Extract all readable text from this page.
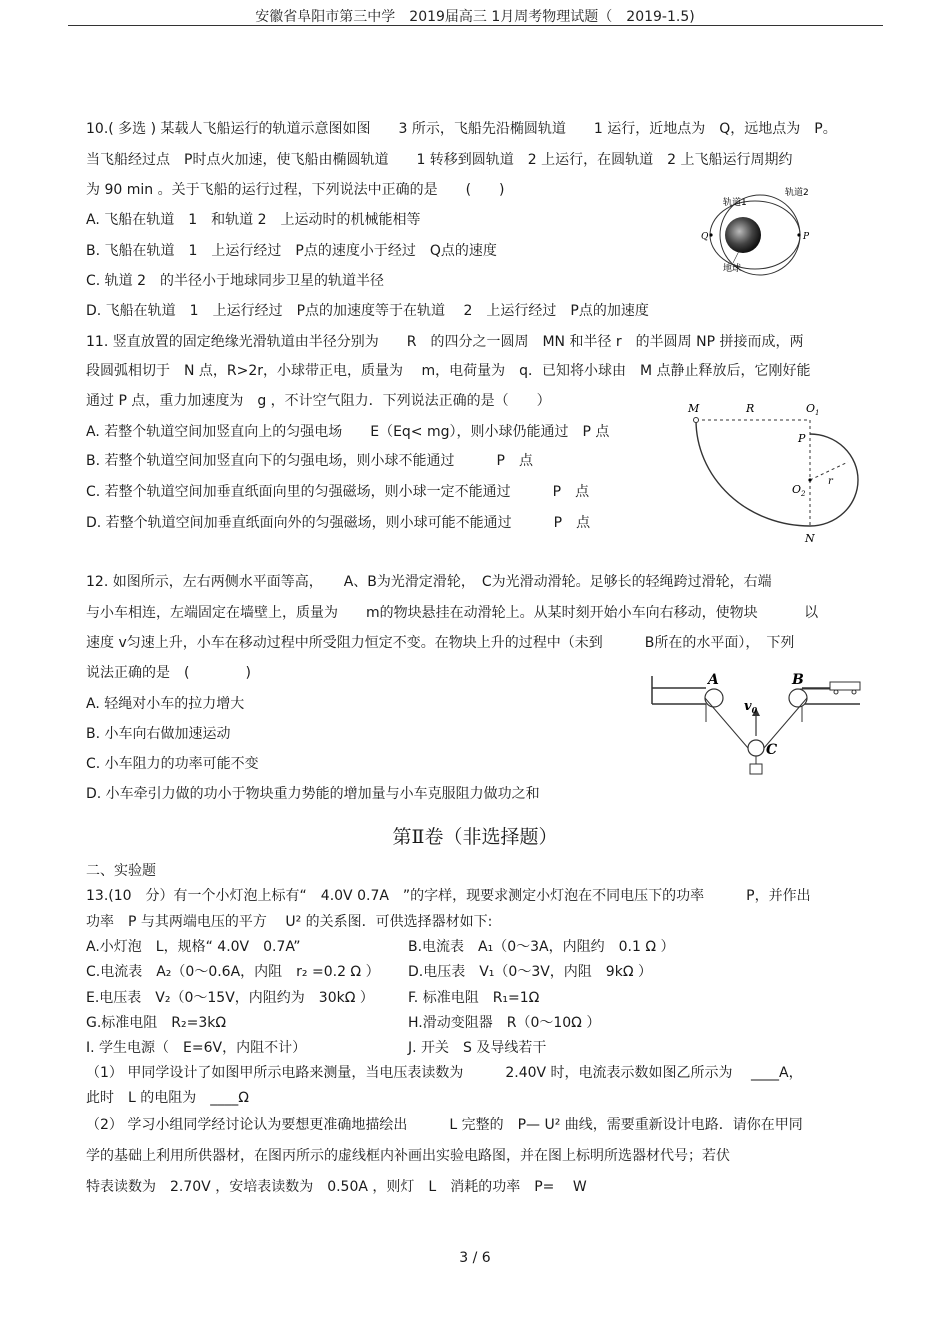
安徽省阜阳市第三中学　2019届高三 1月周考物理试题（　2019-1.5)
10.( 多选 ) 某载人飞船运行的轨道示意图如图　　3 所示，飞船先沿椭圆轨道　　1 运行，近地点为　Q，远地点为　P。
当飞船经过点　P时点火加速，使飞船由椭圆轨道　　1 转移到圆轨道　2 上运行，在圆轨道　2 上飞船运行周期约
为 90 min 。关于飞船的运行过程，下列说法中正确的是　　(　　)
A. 飞船在轨道　1　和轨道 2　上运动时的机械能相等
B. 飞船在轨道　1　上运行经过　P点的速度小于经过　Q点的速度
C. 轨道 2　的半径小于地球同步卫星的轨道半径
D. 飞船在轨道　1　上运行经过　P点的加速度等于在轨道　 2　上运行经过　P点的加速度
轨道1
轨道2
地球
Q	P
11. 竖直放置的固定绝缘光滑轨道由半径分别为　　R　的四分之一圆周　MN 和半径 r　的半圆周 NP 拼接而成，两
段圆弧相切于　N 点，R>2r，小球带正电，质量为　 m，电荷量为　q．已知将小球由　M 点静止释放后，它刚好能
通过 P 点，重力加速度为　g ，不计空气阻力．下列说法正确的是（　　）
A. 若整个轨道空间加竖直向上的匀强电场　　E（Eq< mg），则小球仍能通过　P 点
B. 若整个轨道空间加竖直向下的匀强电场，则小球不能通过　　　P　点
C. 若整个轨道空间加垂直纸面向里的匀强磁场，则小球一定不能通过　　　P　点
D. 若整个轨道空间加垂直纸面向外的匀强磁场，则小球可能不能通过　　　P　点
M	R	$O_1$
P
$O_2$
r
N
12. 如图所示，左右两侧水平面等高，　　A、B为光滑定滑轮，　C为光滑动滑轮。足够长的轻绳跨过滑轮，右端
与小车相连，左端固定在墙壁上，质量为　　m的物块悬挂在动滑轮上。从某时刻开始小车向右移动，使物块　　　 以
速度 v匀速上升，小车在移动过程中所受阻力恒定不变。在物块上升的过程中（未到　　　B所在的水平面），　下列
说法正确的是　(　　　　)
A. 轻绳对小车的拉力增大
B. 小车向右做加速运动
C. 小车阻力的功率可能不变
D. 小车牵引力做的功小于物块重力势能的增加量与小车克服阻力做功之和
A	B
C
$v_0$
第Ⅱ卷（非选择题）
二、实验题
13.(10　分）有一个小灯泡上标有“　4.0V 0.7A　”的字样，现要求测定小灯泡在不同电压下的功率　　　P，并作出
功率　P 与其两端电压的平方　 U² 的关系图．可供选择器材如下:
A.小灯泡　L，规格“ 4.0V　0.7A”	B.电流表　A₁（0～3A，内阻约　0.1 Ω ）
C.电流表　A₂（0～0.6A，内阻　r₂ =0.2 Ω ） D.电压表　V₁（0～3V，内阻　9kΩ ）
E.电压表　V₂（0～15V，内阻约为　30kΩ ） F. 标准电阻　R₁=1Ω
G.标准电阻　R₂=3kΩ	H.滑动变阻器　R（0～10Ω ）
I. 学生电源（　E=6V，内阻不计）	J. 开关　S 及导线若干
（1） 甲同学设计了如图甲所示电路来测量，当电压表读数为　　　2.40V 时，电流表示数如图乙所示为　 ____A，
此时　L 的电阻为　____Ω
（2） 学习小组同学经讨论认为要想更准确地描绘出　　　L 完整的　P— U² 曲线，需要重新设计电路．请你在甲同
学的基础上利用所供器材，在图丙所示的虚线框内补画出实验电路图，并在图上标明所选器材代号；若伏
特表读数为　2.70V ，安培表读数为　0.50A ，则灯　L　消耗的功率　P=　 W
3 / 6
